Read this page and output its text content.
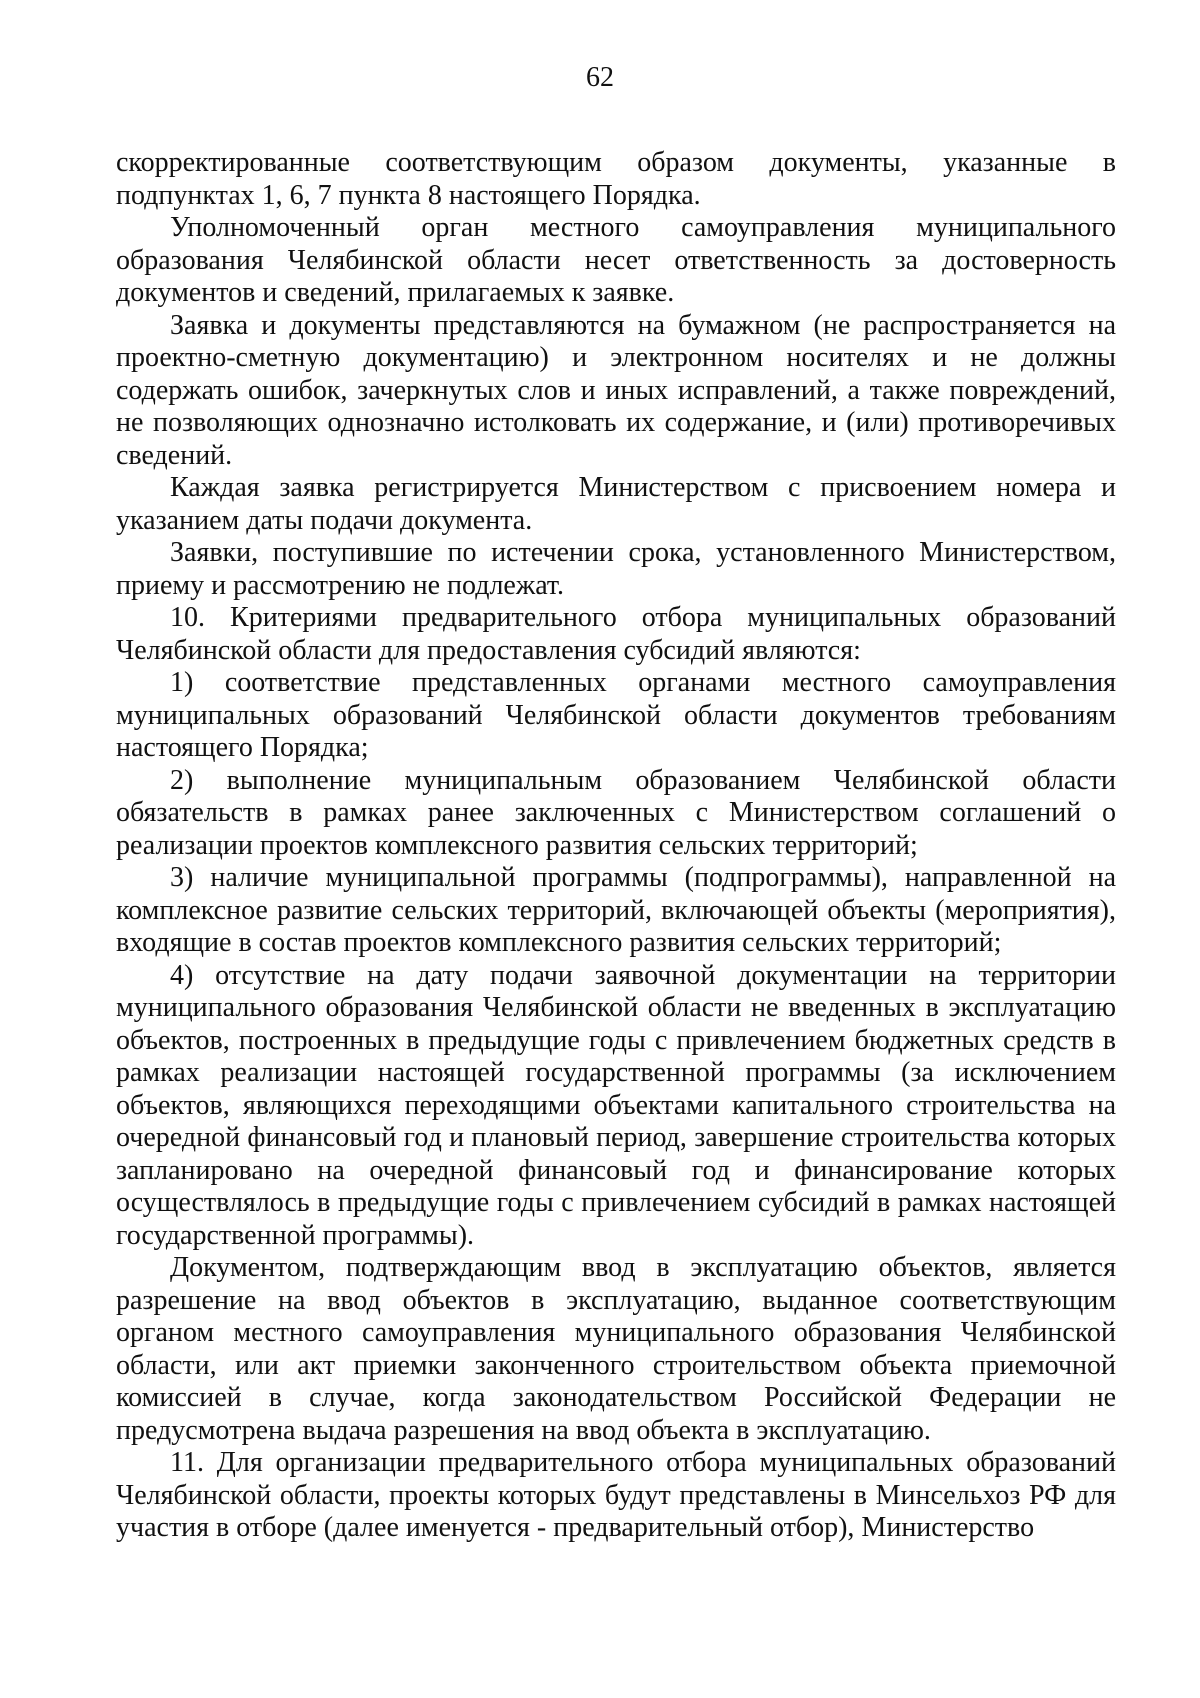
62

скорректированные соответствующим образом документы, указанные в подпунктах 1, 6, 7 пункта 8 настоящего Порядка.

Уполномоченный орган местного самоуправления муниципального образования Челябинской области несет ответственность за достоверность документов и сведений, прилагаемых к заявке.

Заявка и документы представляются на бумажном (не распространяется на проектно-сметную документацию) и электронном носителях и не должны содержать ошибок, зачеркнутых слов и иных исправлений, а также повреждений, не позволяющих однозначно истолковать их содержание, и (или) противоречивых сведений.

Каждая заявка регистрируется Министерством с присвоением номера и указанием даты подачи документа.

Заявки, поступившие по истечении срока, установленного Министерством, приему и рассмотрению не подлежат.

10. Критериями предварительного отбора муниципальных образований Челябинской области для предоставления субсидий являются:

1) соответствие представленных органами местного самоуправления муниципальных образований Челябинской области документов требованиям настоящего Порядка;

2) выполнение муниципальным образованием Челябинской области обязательств в рамках ранее заключенных с Министерством соглашений о реализации проектов комплексного развития сельских территорий;

3) наличие муниципальной программы (подпрограммы), направленной на комплексное развитие сельских территорий, включающей объекты (мероприятия), входящие в состав проектов комплексного развития сельских территорий;

4) отсутствие на дату подачи заявочной документации на территории муниципального образования Челябинской области не введенных в эксплуатацию объектов, построенных в предыдущие годы с привлечением бюджетных средств в рамках реализации настоящей государственной программы (за исключением объектов, являющихся переходящими объектами капитального строительства на очередной финансовый год и плановый период, завершение строительства которых запланировано на очередной финансовый год и финансирование которых осуществлялось в предыдущие годы с привлечением субсидий в рамках настоящей государственной программы).

Документом, подтверждающим ввод в эксплуатацию объектов, является разрешение на ввод объектов в эксплуатацию, выданное соответствующим органом местного самоуправления муниципального образования Челябинской области, или акт приемки законченного строительством объекта приемочной комиссией в случае, когда законодательством Российской Федерации не предусмотрена выдача разрешения на ввод объекта в эксплуатацию.

11. Для организации предварительного отбора муниципальных образований Челябинской области, проекты которых будут представлены в Минсельхоз РФ для участия в отборе (далее именуется - предварительный отбор), Министерство
